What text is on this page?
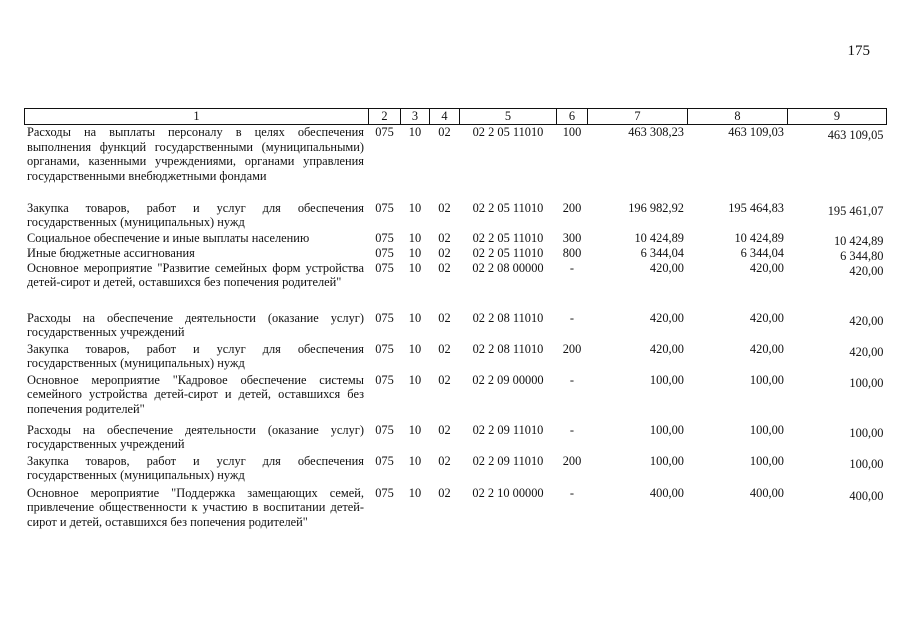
175
1	2	3	4	5	6	7	8	9
Расходы на выплаты персоналу в целях обеспечения выполнения функций государственными (муниципальными) органами, казенными учреждениями, органами управления государственными внебюджетными фондами	075	10	02	02 2 05 11010	100	463 308,23	463 109,03	463 109,05
Закупка товаров, работ и услуг для обеспечения государственных (муниципальных) нужд	075	10	02	02 2 05 11010	200	196 982,92	195 464,83	195 461,07
Социальное обеспечение и иные выплаты населению	075	10	02	02 2 05 11010	300	10 424,89	10 424,89	10 424,89
Иные бюджетные ассигнования	075	10	02	02 2 05 11010	800	6 344,04	6 344,04	6 344,80
Основное мероприятие "Развитие семейных форм устройства детей-сирот и детей, оставшихся без попечения родителей"	075	10	02	02 2 08 00000	-	420,00	420,00	420,00
Расходы на обеспечение деятельности (оказание услуг) государственных учреждений	075	10	02	02 2 08 11010	-	420,00	420,00	420,00
Закупка товаров, работ и услуг для обеспечения государственных (муниципальных) нужд	075	10	02	02 2 08 11010	200	420,00	420,00	420,00
Основное мероприятие "Кадровое обеспечение системы семейного устройства детей-сирот и детей, оставшихся без попечения родителей"	075	10	02	02 2 09 00000	-	100,00	100,00	100,00
Расходы на обеспечение деятельности (оказание услуг) государственных учреждений	075	10	02	02 2 09 11010	-	100,00	100,00	100,00
Закупка товаров, работ и услуг для обеспечения государственных (муниципальных) нужд	075	10	02	02 2 09 11010	200	100,00	100,00	100,00
Основное мероприятие "Поддержка замещающих семей, привлечение общественности к участию в воспитании детей-сирот и детей, оставшихся без попечения родителей"	075	10	02	02 2 10 00000	-	400,00	400,00	400,00
